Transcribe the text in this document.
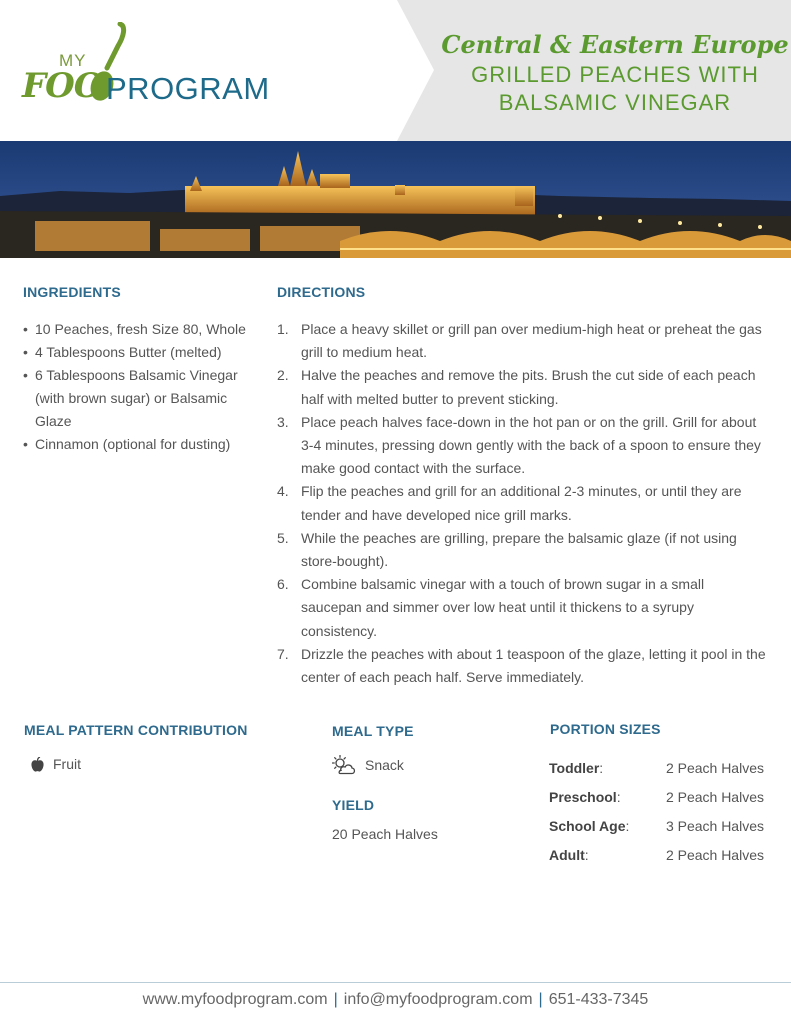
MY
FOO PROGRAM
Central & Eastern Europe
GRILLED PEACHES WITH
BALSAMIC VINEGAR
INGREDIENTS
• 10 Peaches, fresh Size 80, Whole
• 4 Tablespoons Butter (melted)
• 6 Tablespoons Balsamic Vinegar (with brown sugar) or Balsamic Glaze
• Cinnamon (optional for dusting)
DIRECTIONS
1. Place a heavy skillet or grill pan over medium-high heat or preheat the gas grill to medium heat.
2. Halve the peaches and remove the pits. Brush the cut side of each peach half with melted butter to prevent sticking.
3. Place peach halves face-down in the hot pan or on the grill. Grill for about 3-4 minutes, pressing down gently with the back of a spoon to ensure they make good contact with the surface.
4. Flip the peaches and grill for an additional 2-3 minutes, or until they are tender and have developed nice grill marks.
5. While the peaches are grilling, prepare the balsamic glaze (if not using store-bought).
6. Combine balsamic vinegar with a touch of brown sugar in a small saucepan and simmer over low heat until it thickens to a syrupy consistency.
7. Drizzle the peaches with about 1 teaspoon of the glaze, letting it pool in the center of each peach half. Serve immediately.
MEAL PATTERN CONTRIBUTION
Fruit
MEAL TYPE
Snack
YIELD
20 Peach Halves
PORTION SIZES
Toddler:	2 Peach Halves
Preschool:	2 Peach Halves
School Age:	3 Peach Halves
Adult:	2 Peach Halves
www.myfoodprogram.com | info@myfoodprogram.com | 651-433-7345
